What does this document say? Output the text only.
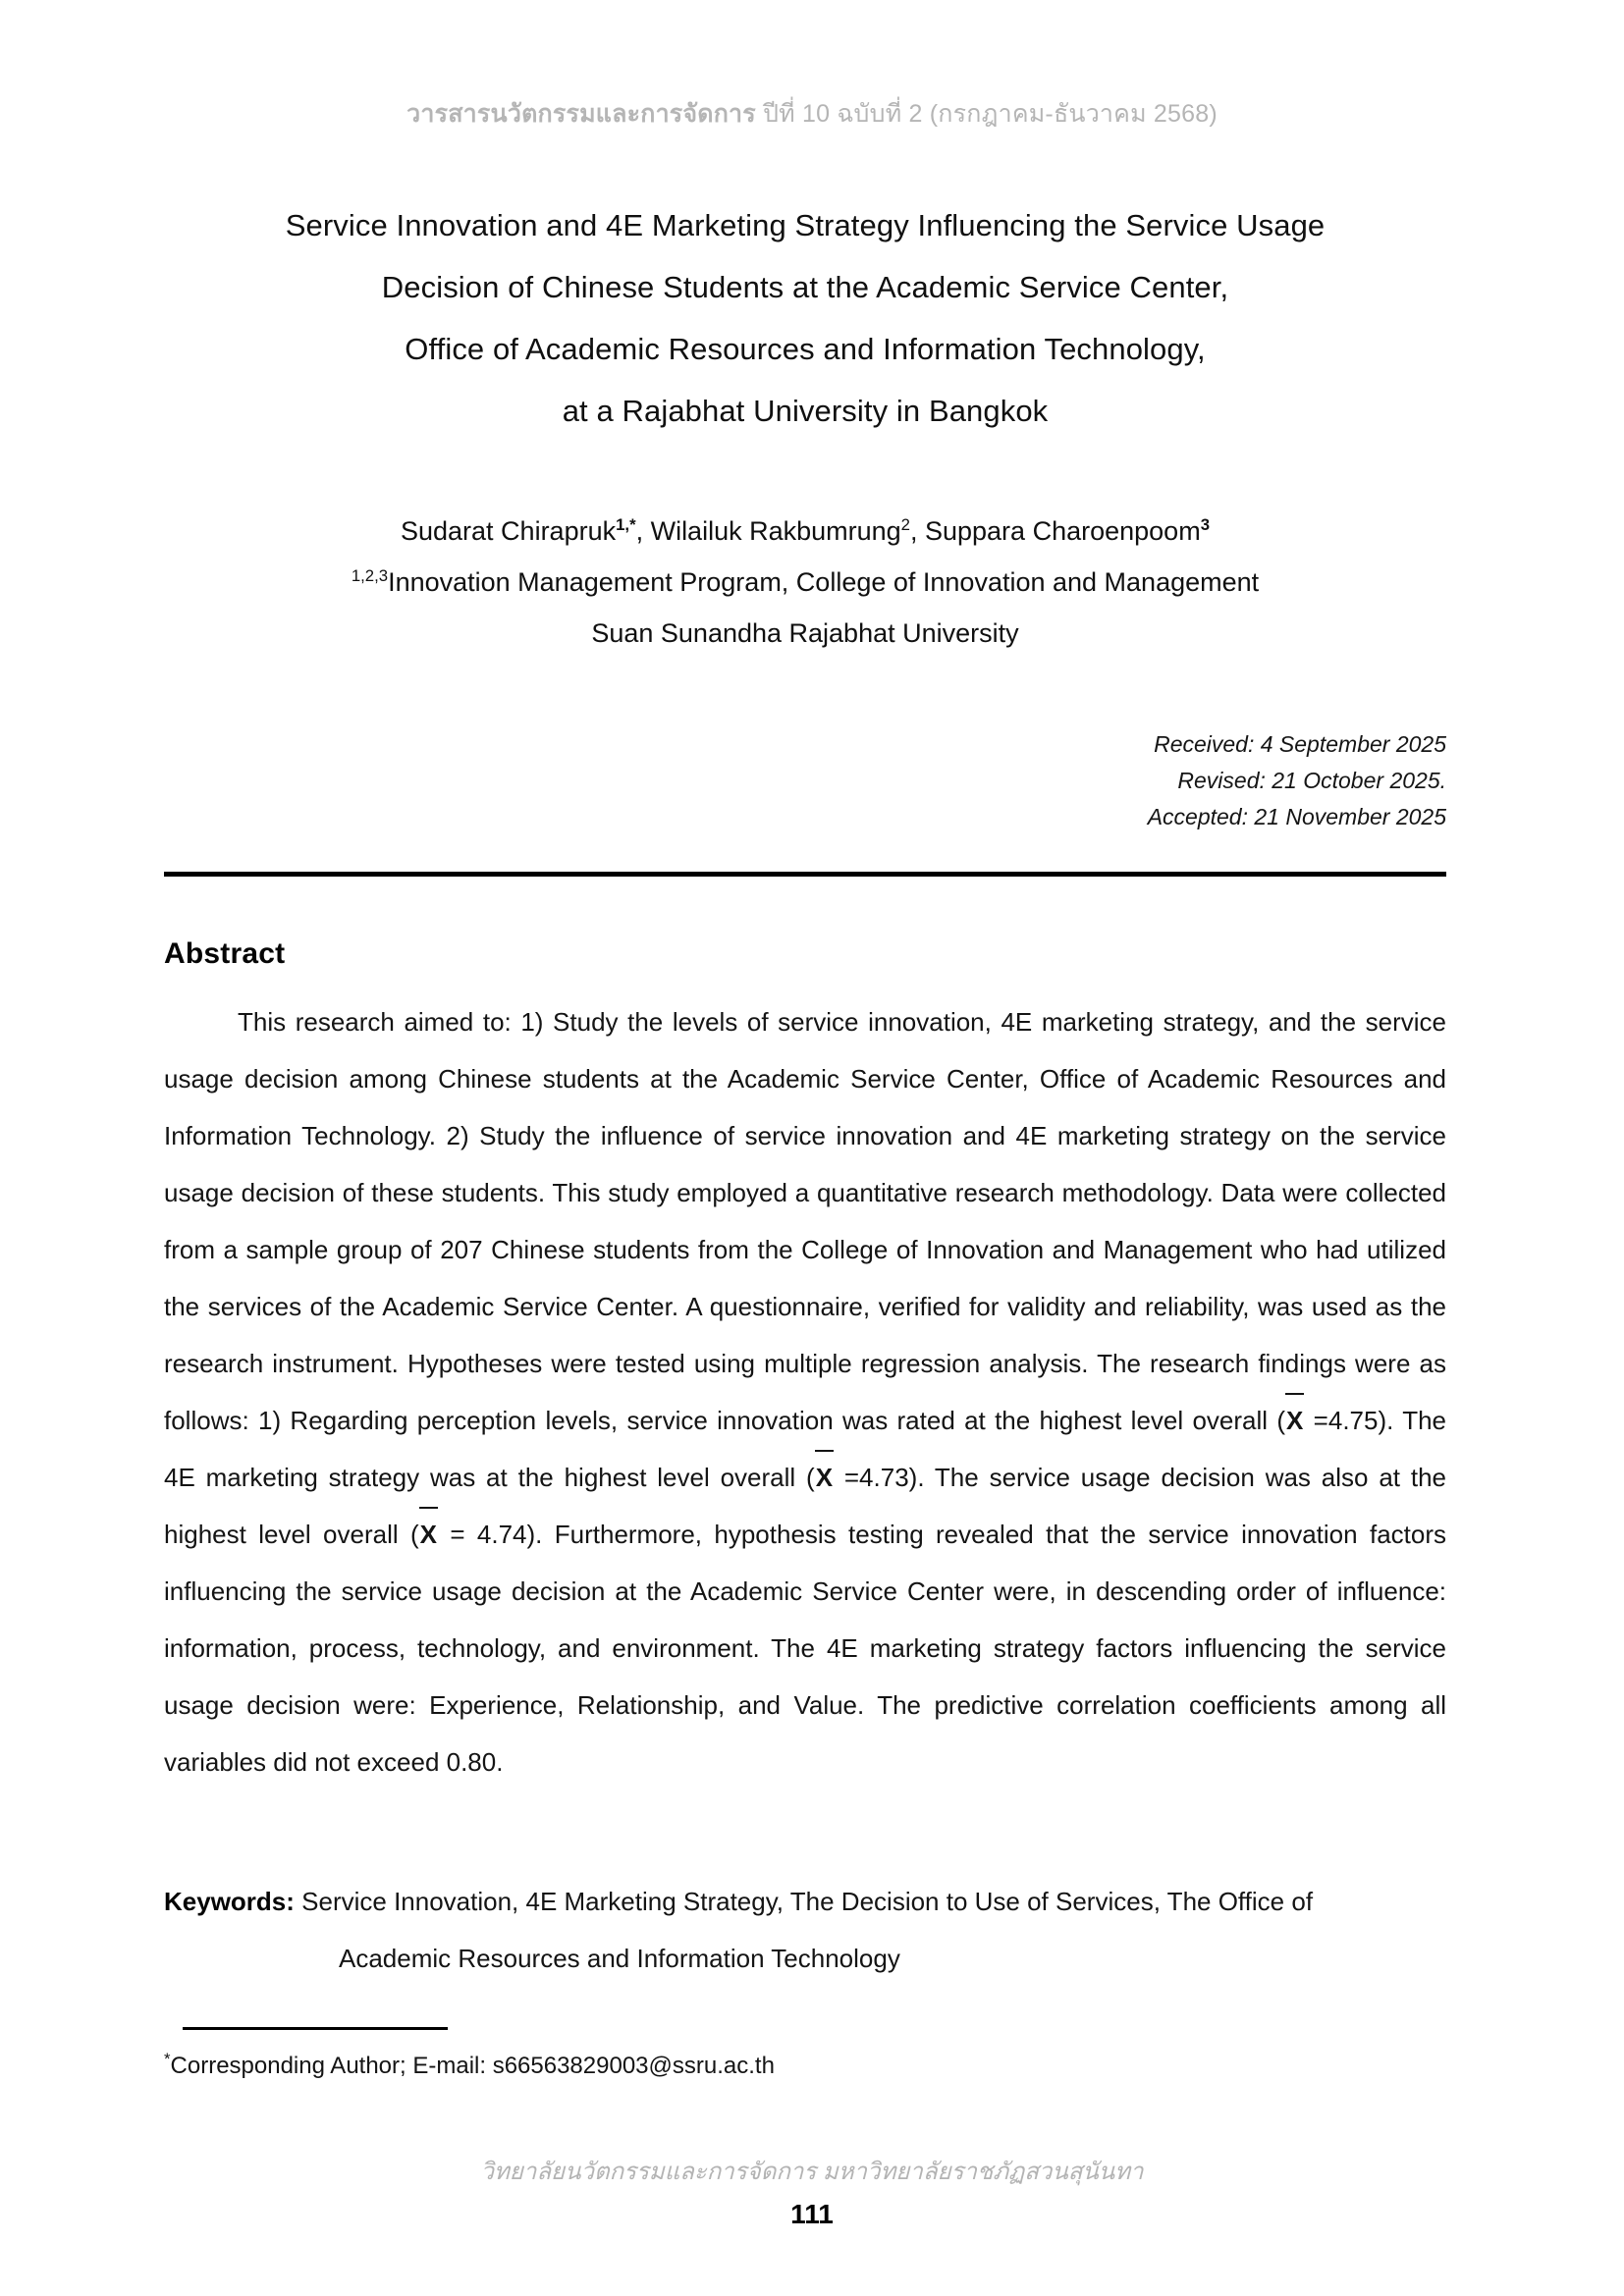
วารสารนวัตกรรมและการจัดการ ปีที่ 10 ฉบับที่ 2 (กรกฎาคม-ธันวาคม 2568)
Service Innovation and 4E Marketing Strategy Influencing the Service Usage
Decision of Chinese Students at the Academic Service Center,
Office of Academic Resources and Information Technology,
at a Rajabhat University in Bangkok
Sudarat Chirapruk$^{1,*}$, Wilailuk Rakbumrung$^2$, Suppara Charoenpoom$^3$
$^{1,2,3}$Innovation Management Program, College of Innovation and Management
Suan Sunandha Rajabhat University
Received: 4 September 2025
Revised: 21 October 2025.
Accepted: 21 November 2025
Abstract
This research aimed to: 1) Study the levels of service innovation, 4E marketing strategy, and the service usage decision among Chinese students at the Academic Service Center, Office of Academic Resources and Information Technology. 2) Study the influence of service innovation and 4E marketing strategy on the service usage decision of these students. This study employed a quantitative research methodology. Data were collected from a sample group of 207 Chinese students from the College of Innovation and Management who had utilized the services of the Academic Service Center. A questionnaire, verified for validity and reliability, was used as the research instrument. Hypotheses were tested using multiple regression analysis. The research findings were as follows: 1) Regarding perception levels, service innovation was rated at the highest level overall (X =4.75). The 4E marketing strategy was at the highest level overall (X =4.73). The service usage decision was also at the highest level overall (X = 4.74). Furthermore, hypothesis testing revealed that the service innovation factors influencing the service usage decision at the Academic Service Center were, in descending order of influence: information, process, technology, and environment. The 4E marketing strategy factors influencing the service usage decision were: Experience, Relationship, and Value. The predictive correlation coefficients among all variables did not exceed 0.80.
Keywords: Service Innovation, 4E Marketing Strategy, The Decision to Use of Services, The Office of
Academic Resources and Information Technology
*Corresponding Author; E-mail: s66563829003@ssru.ac.th
วิทยาลัยนวัตกรรมและการจัดการ มหาวิทยาลัยราชภัฏสวนสุนันทา
111
